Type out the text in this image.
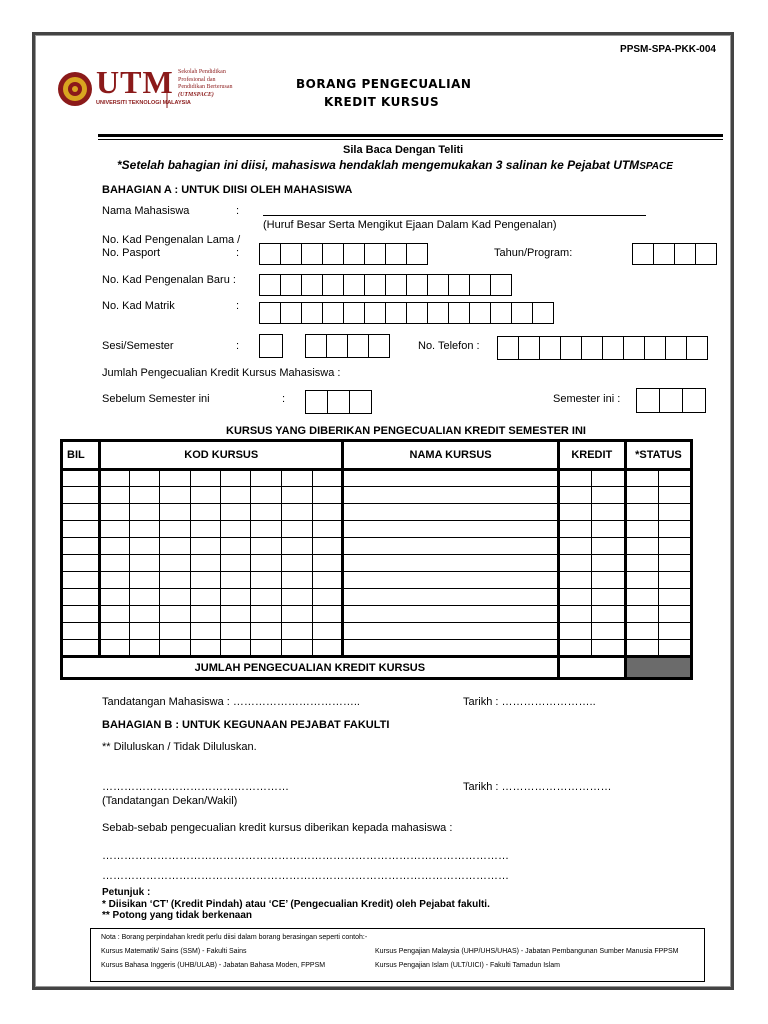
PPSM-SPA-PKK-004
UTM
UNIVERSITI TEKNOLOGI MALAYSIA
Sekolah Pendidikan
Profesional dan
Pendidikan Berterusan
(UTMSPACE)
BORANG PENGECUALIAN
KREDIT KURSUS
Sila Baca Dengan Teliti
*Setelah bahagian ini diisi, mahasiswa hendaklah mengemukakan 3 salinan ke Pejabat UTMSPACE
BAHAGIAN A : UNTUK DIISI OLEH MAHASISWA
Nama Mahasiswa	:
(Huruf Besar Serta Mengikut Ejaan Dalam Kad Pengenalan)
No. Kad Pengenalan Lama /
No. Pasport	:	Tahun/Program:
No. Kad Pengenalan Baru :
No. Kad Matrik	:
Sesi/Semester	:	No. Telefon :
Jumlah Pengecualian Kredit Kursus Mahasiswa :
Sebelum Semester ini	:	Semester ini :
KURSUS YANG DIBERIKAN PENGECUALIAN KREDIT SEMESTER INI
BIL	KOD KURSUS								NAMA KURSUS	KREDIT		*STATUS	

JUMLAH PENGECUALIAN KREDIT KURSUS													
Tandatangan Mahasiswa : ……………………………..	Tarikh : ……………………..
BAHAGIAN B : UNTUK KEGUNAAN PEJABAT FAKULTI
** Diluluskan / Tidak Diluluskan.
……………………………………………	Tarikh : …………………………
(Tandatangan Dekan/Wakil)
Sebab-sebab pengecualian kredit kursus diberikan kepada mahasiswa :
…………………………………………………………………………………………………
…………………………………………………………………………………………………
Petunjuk :
* Diisikan ‘CT’ (Kredit Pindah) atau ‘CE’ (Pengecualian Kredit) oleh Pejabat fakulti.
** Potong yang tidak berkenaan
Nota : Borang perpindahan kredit perlu diisi dalam borang berasingan seperti contoh:-
Kursus Matematik/ Sains (SSM) - Fakulti Sains	Kursus Pengajian Malaysia (UHP/UHS/UHAS) - Jabatan Pembangunan Sumber Manusia FPPSM
Kursus Bahasa Inggeris (UHB/ULAB) - Jabatan Bahasa Moden, FPPSM	Kursus Pengajian Islam (ULT/UICI) - Fakulti Tamadun Islam
